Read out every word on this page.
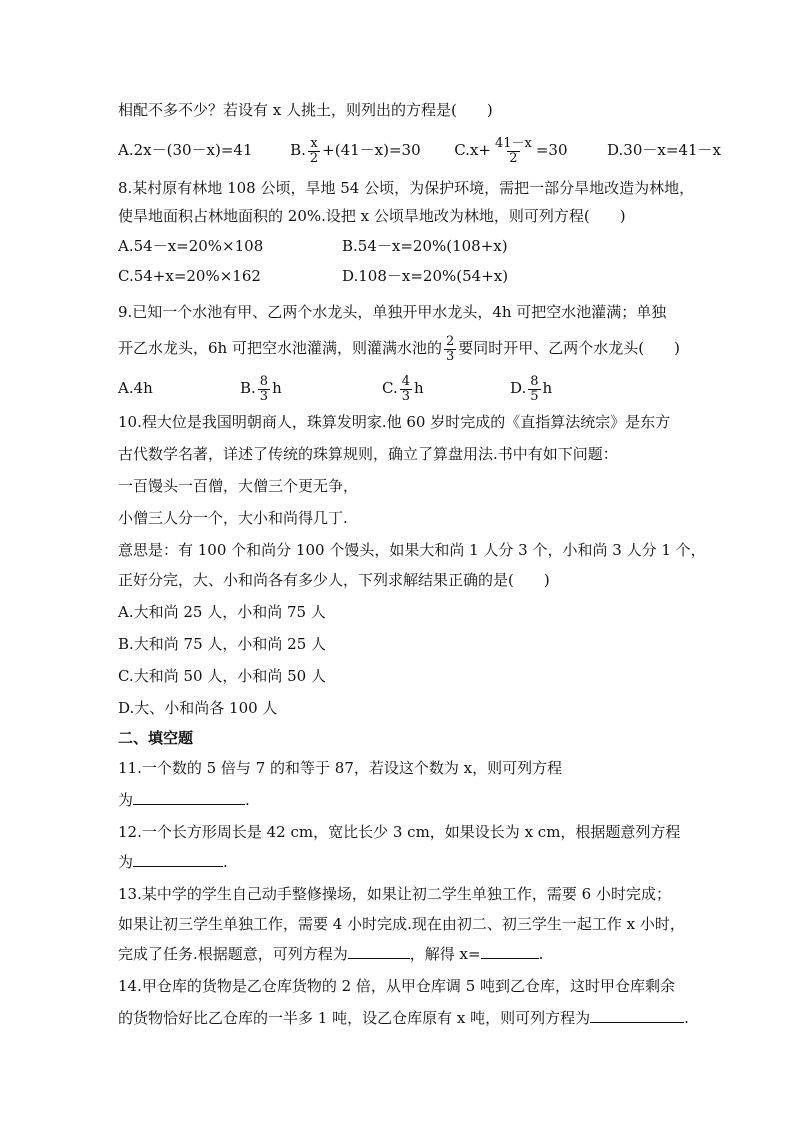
相配不多不少？若设有 x 人挑土，则列出的方程是(　　)
A.2x－(30－x)=41	B. $\frac{x}{2} +(41-x)=30$ $C.x+ \frac{41-x}{2} =30$	D.30－x=41－x
8.某村原有林地 108 公顷，旱地 54 公顷，为保护环境，需把一部分旱地改造为林地，
使旱地面积占林地面积的 20%.设把 x 公顷旱地改为林地，则可列方程(　　)
A.54－x=20%×108	B.54－x=20%(108+x)
C.54+x=20%×162	D.108－x=20%(54+x)
9.已知一个水池有甲、乙两个水龙头，单独开甲水龙头，4h 可把空水池灌满；单独
开乙水龙头，6h 可把空水池灌满，则灌满水池的 $\frac{2}{3}$ 要同时开甲、乙两个水龙头(　　)
A.4h	B. $\frac{8}{3}$ h	C. $\frac{4}{3}$ h	D. $\frac{8}{5}$ h
10.程大位是我国明朝商人，珠算发明家.他 60 岁时完成的《直指算法统宗》是东方
古代数学名著，详述了传统的珠算规则，确立了算盘用法.书中有如下问题：
一百馒头一百僧，大僧三个更无争，
小僧三人分一个，大小和尚得几丁.
意思是：有 100 个和尚分 100 个馒头，如果大和尚 1 人分 3 个，小和尚 3 人分 1 个，
正好分完，大、小和尚各有多少人，下列求解结果正确的是(　　)
A.大和尚 25 人，小和尚 75 人
B.大和尚 75 人，小和尚 25 人
C.大和尚 50 人，小和尚 50 人
D.大、小和尚各 100 人
二、填空题
11.一个数的 5 倍与 7 的和等于 87，若设这个数为 x，则可列方程
为	.
12.一个长方形周长是 42 cm，宽比长少 3 cm，如果设长为 x cm，根据题意列方程
为	.
13.某中学的学生自己动手整修操场，如果让初二学生单独工作，需要 6 小时完成；
如果让初三学生单独工作，需要 4 小时完成.现在由初二、初三学生一起工作 x 小时，
完成了任务.根据题意，可列方程为	，解得 x=	.
14.甲仓库的货物是乙仓库货物的 2 倍，从甲仓库调 5 吨到乙仓库，这时甲仓库剩余
的货物恰好比乙仓库的一半多 1 吨，设乙仓库原有 x 吨，则可列方程为	.
